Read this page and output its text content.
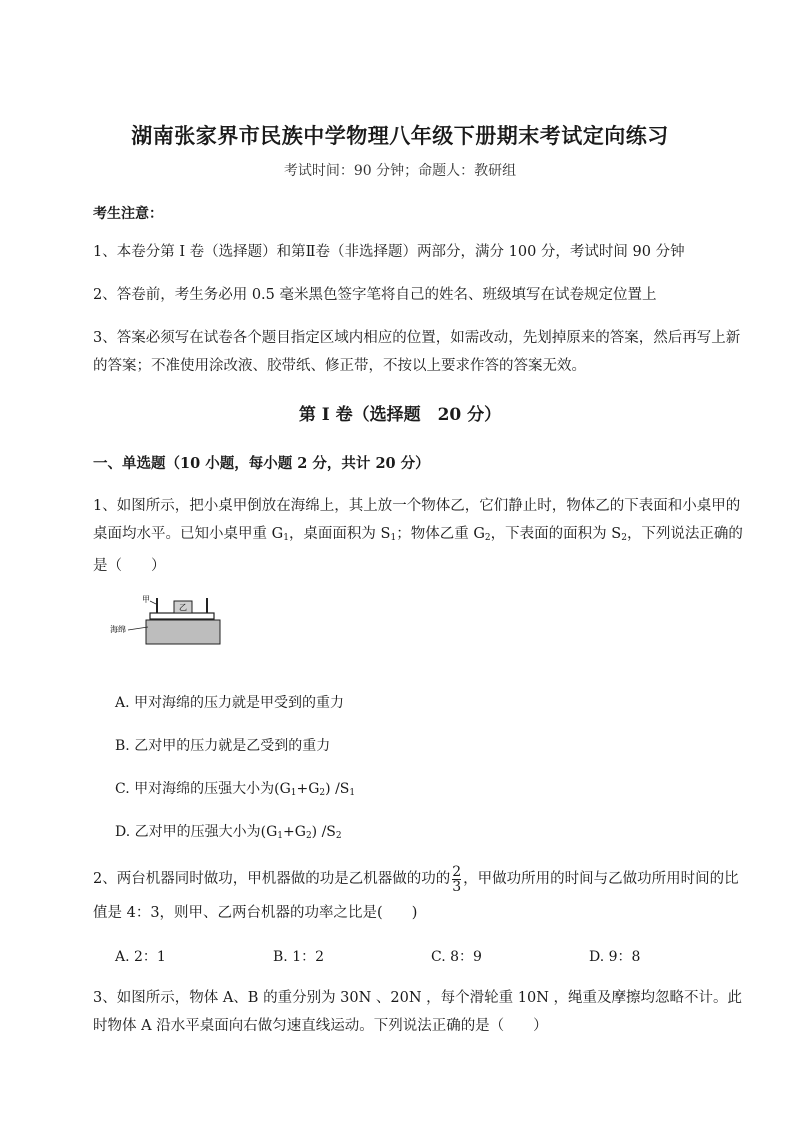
湖南张家界市民族中学物理八年级下册期末考试定向练习
考试时间：90 分钟；命题人：教研组
考生注意：
1、本卷分第 I 卷（选择题）和第Ⅱ卷（非选择题）两部分，满分 100 分，考试时间 90 分钟
2、答卷前，考生务必用 0.5 毫米黑色签字笔将自己的姓名、班级填写在试卷规定位置上
3、答案必须写在试卷各个题目指定区域内相应的位置，如需改动，先划掉原来的答案，然后再写上新的答案；不准使用涂改液、胶带纸、修正带，不按以上要求作答的答案无效。
第 I 卷（选择题　20 分）
一、单选题（10 小题，每小题 2 分，共计 20 分）
1、如图所示，把小桌甲倒放在海绵上，其上放一个物体乙，它们静止时，物体乙的下表面和小桌甲的桌面均水平。已知小桌甲重 $G_1$，桌面面积为 $S_1$；物体乙重 $G_2$，下表面的面积为 $S_2$，下列说法正确的是（　　）
乙
甲
海绵
A. 甲对海绵的压力就是甲受到的重力
B. 乙对甲的压力就是乙受到的重力
C. 甲对海绵的压强大小为$(G_1+G_2)$ $/S_1$
D. 乙对甲的压强大小为$(G_1+G_2)$ $/S_2$
2、两台机器同时做功，甲机器做的功是乙机器做的功的 $\frac{2}{3}$ ，甲做功所用的时间与乙做功所用时间的比值是 4：3，则甲、乙两台机器的功率之比是(　　)
A. 2：1	B. 1：2	C. 8：9	D. 9：8
3、如图所示，物体 A、B 的重分别为 30N 、20N ，每个滑轮重 10N ，绳重及摩擦均忽略不计。此时物体 A 沿水平桌面向右做匀速直线运动。下列说法正确的是（　　）
